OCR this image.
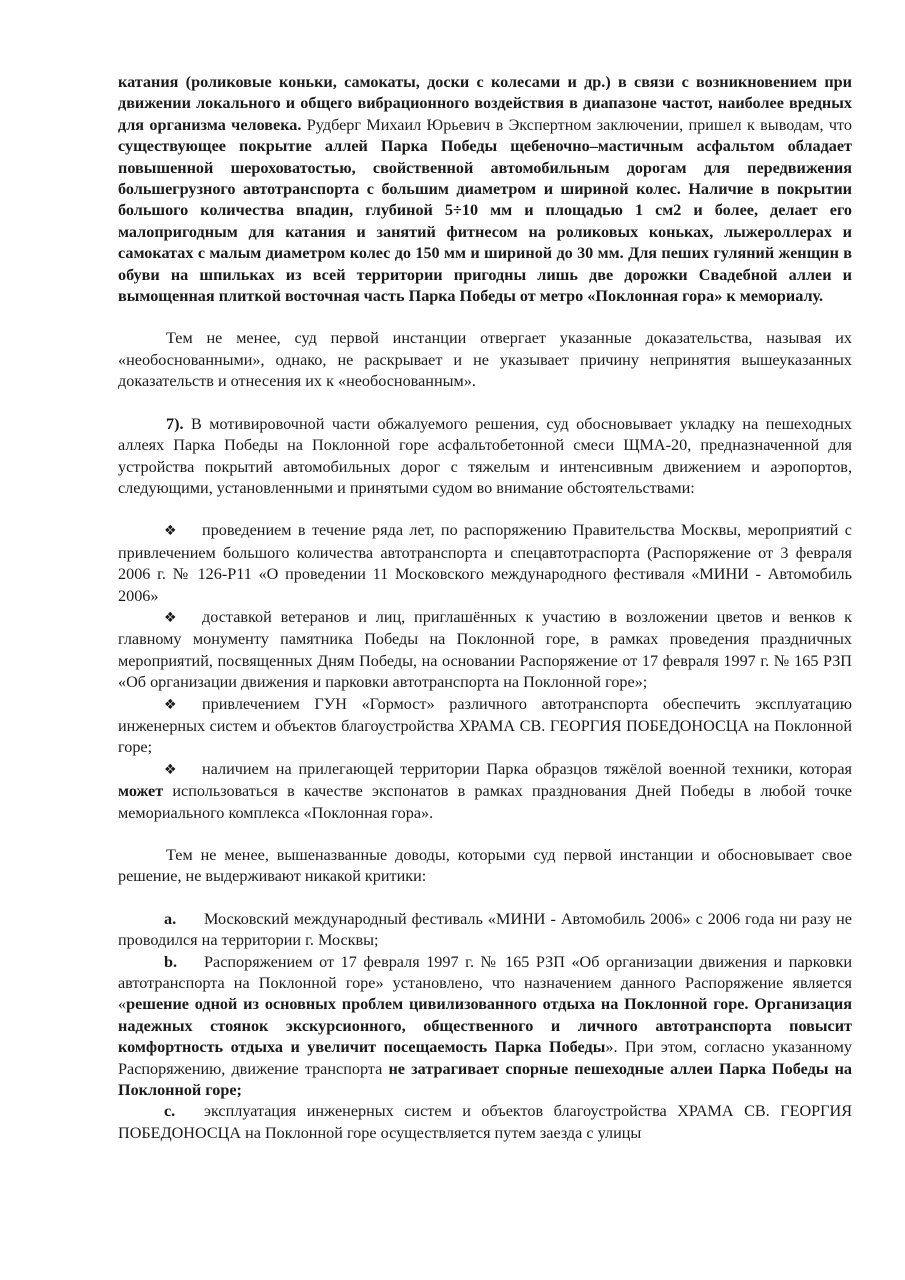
катания (роликовые коньки, самокаты, доски с колесами и др.) в связи с возникновением при движении локального и общего вибрационного воздействия в диапазоне частот, наиболее вредных для организма человека. Рудберг Михаил Юрьевич в Экспертном заключении, пришел к выводам, что существующее покрытие аллей Парка Победы щебеночно–мастичным асфальтом обладает повышенной шероховатостью, свойственной автомобильным дорогам для передвижения большегрузного автотранспорта с большим диаметром и шириной колес. Наличие в покрытии большого количества впадин, глубиной 5÷10 мм и площадью 1 см2 и более, делает его малопригодным для катания и занятий фитнесом на роликовых коньках, лыжероллерах и самокатах с малым диаметром колес до 150 мм и шириной до 30 мм. Для пеших гуляний женщин в обуви на шпильках из всей территории пригодны лишь две дорожки Свадебной аллеи и вымощенная плиткой восточная часть Парка Победы от метро «Поклонная гора» к мемориалу.

Тем не менее, суд первой инстанции отвергает указанные доказательства, называя их «необоснованными», однако, не раскрывает и не указывает причину непринятия вышеуказанных доказательств и отнесения их к «необоснованным».

7). В мотивировочной части обжалуемого решения, суд обосновывает укладку на пешеходных аллеях Парка Победы на Поклонной горе асфальтобетонной смеси ЩМА-20, предназначенной для устройства покрытий автомобильных дорог с тяжелым и интенсивным движением и аэропортов, следующими, установленными и принятыми судом во внимание обстоятельствами:

❖ проведением в течение ряда лет, по распоряжению Правительства Москвы, мероприятий с привлечением большого количества автотранспорта и спецавтотраспорта (Распоряжение от 3 февраля 2006 г. № 126-Р11 «О проведении 11 Московского международного фестиваля «МИНИ - Автомобиль 2006»

❖ доставкой ветеранов и лиц, приглашённых к участию в возложении цветов и венков к главному монументу памятника Победы на Поклонной горе, в рамках проведения праздничных мероприятий, посвященных Дням Победы, на основании Распоряжение от 17 февраля 1997 г. № 165 РЗП «Об организации движения и парковки автотранспорта на Поклонной горе»;

❖ привлечением ГУН «Гормост» различного автотранспорта обеспечить эксплуатацию инженерных систем и объектов благоустройства ХРАМА СВ. ГЕОРГИЯ ПОБЕДОНОСЦА на Поклонной горе;

❖ наличием на прилегающей территории Парка образцов тяжёлой военной техники, которая может использоваться в качестве экспонатов в рамках празднования Дней Победы в любой точке мемориального комплекса «Поклонная гора».

Тем не менее, вышеназванные доводы, которыми суд первой инстанции и обосновывает свое решение, не выдерживают никакой критики:

a. Московский международный фестиваль «МИНИ - Автомобиль 2006» с 2006 года ни разу не проводился на территории г. Москвы;

b. Распоряжением от 17 февраля 1997 г. № 165 РЗП «Об организации движения и парковки автотранспорта на Поклонной горе» установлено, что назначением данного Распоряжение является «решение одной из основных проблем цивилизованного отдыха на Поклонной горе. Организация надежных стоянок экскурсионного, общественного и личного автотранспорта повысит комфортность отдыха и увеличит посещаемость Парка Победы». При этом, согласно указанному Распоряжению, движение транспорта не затрагивает спорные пешеходные аллеи Парка Победы на Поклонной горе;

c. эксплуатация инженерных систем и объектов благоустройства ХРАМА СВ. ГЕОРГИЯ ПОБЕДОНОСЦА на Поклонной горе осуществляется путем заезда с улицы
